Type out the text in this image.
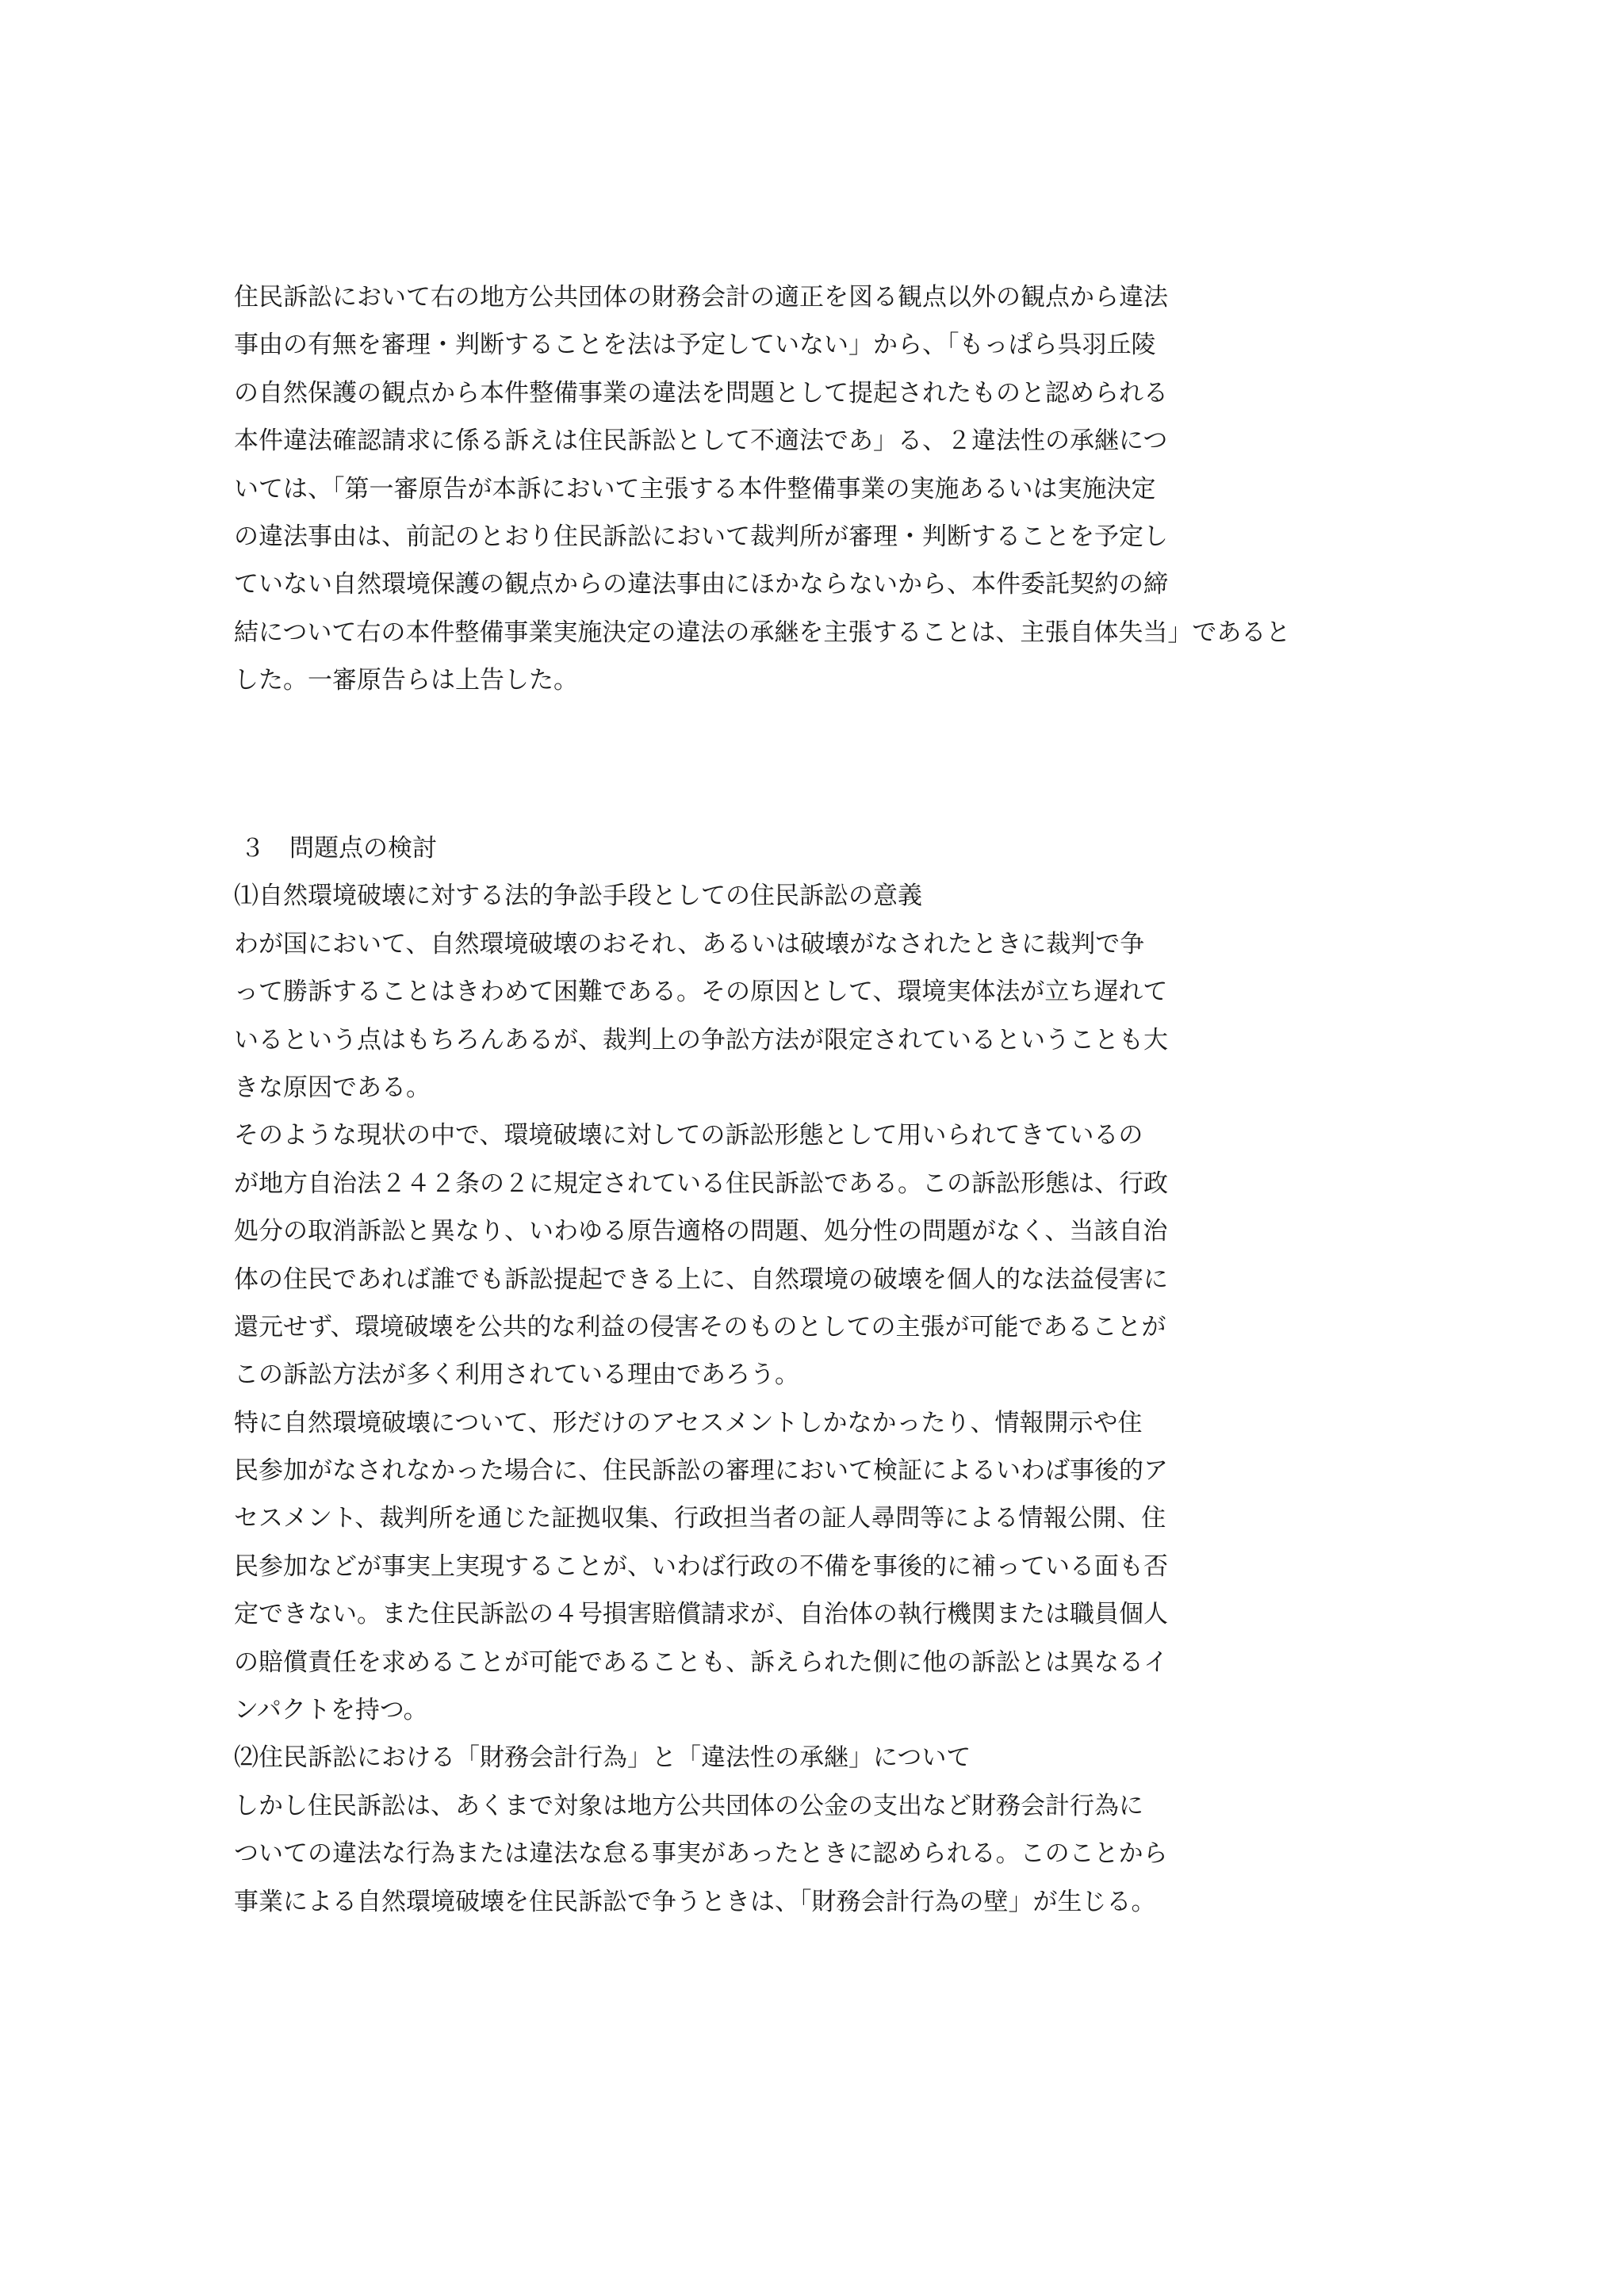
住民訴訟において右の地方公共団体の財務会計の適正を図る観点以外の観点から違法
事由の有無を審理・判断することを法は予定していない」から、「もっぱら呉羽丘陵
の自然保護の観点から本件整備事業の違法を問題として提起されたものと認められる
本件違法確認請求に係る訴えは住民訴訟として不適法であ」る、２違法性の承継につ
いては、「第一審原告が本訴において主張する本件整備事業の実施あるいは実施決定
の違法事由は、前記のとおり住民訴訟において裁判所が審理・判断することを予定し
ていない自然環境保護の観点からの違法事由にほかならないから、本件委託契約の締
結について右の本件整備事業実施決定の違法の承継を主張することは、主張自体失当」であると
した。一審原告らは上告した。
３　問題点の検討
⑴自然環境破壊に対する法的争訟手段としての住民訴訟の意義
わが国において、自然環境破壊のおそれ、あるいは破壊がなされたときに裁判で争
って勝訴することはきわめて困難である。その原因として、環境実体法が立ち遅れて
いるという点はもちろんあるが、裁判上の争訟方法が限定されているということも大
きな原因である。
そのような現状の中で、環境破壊に対しての訴訟形態として用いられてきているの
が地方自治法２４２条の２に規定されている住民訴訟である。この訴訟形態は、行政
処分の取消訴訟と異なり、いわゆる原告適格の問題、処分性の問題がなく、当該自治
体の住民であれば誰でも訴訟提起できる上に、自然環境の破壊を個人的な法益侵害に
還元せず、環境破壊を公共的な利益の侵害そのものとしての主張が可能であることが
この訴訟方法が多く利用されている理由であろう。
特に自然環境破壊について、形だけのアセスメントしかなかったり、情報開示や住
民参加がなされなかった場合に、住民訴訟の審理において検証によるいわば事後的ア
セスメント、裁判所を通じた証拠収集、行政担当者の証人尋問等による情報公開、住
民参加などが事実上実現することが、いわば行政の不備を事後的に補っている面も否
定できない。また住民訴訟の４号損害賠償請求が、自治体の執行機関または職員個人
の賠償責任を求めることが可能であることも、訴えられた側に他の訴訟とは異なるイ
ンパクトを持つ。
⑵住民訴訟における「財務会計行為」と「違法性の承継」について
しかし住民訴訟は、あくまで対象は地方公共団体の公金の支出など財務会計行為に
ついての違法な行為または違法な怠る事実があったときに認められる。このことから
事業による自然環境破壊を住民訴訟で争うときは、「財務会計行為の壁」が生じる。
